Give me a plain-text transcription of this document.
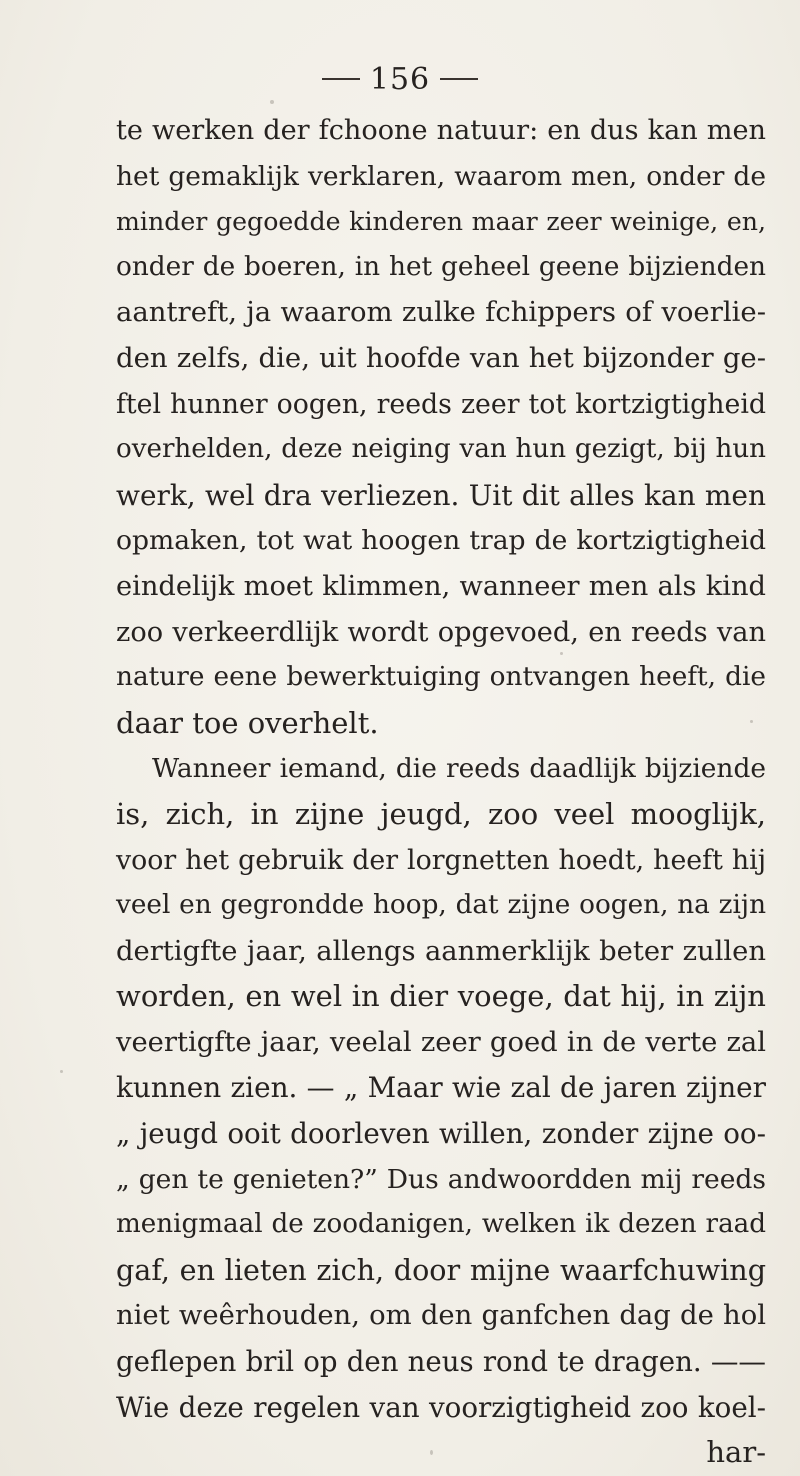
156
te werken der fchoone natuur: en dus kan men
het gemaklijk verklaren, waarom men, onder de
minder gegoedde kinderen maar zeer weinige, en,
onder de boeren, in het geheel geene bijzienden
aantreft, ja waarom zulke fchippers of voerlie-
den zelfs, die, uit hoofde van het bijzonder ge-
ftel hunner oogen, reeds zeer tot kortzigtigheid
overhelden, deze neiging van hun gezigt, bij hun
werk, wel dra verliezen. Uit dit alles kan men
opmaken, tot wat hoogen trap de kortzigtigheid
eindelijk moet klimmen, wanneer men als kind
zoo verkeerdlijk wordt opgevoed, en reeds van
nature eene bewerktuiging ontvangen heeft, die
daar toe overhelt.
Wanneer iemand, die reeds daadlijk bijziende
is, zich, in zijne jeugd, zoo veel mooglijk,
voor het gebruik der lorgnetten hoedt, heeft hij
veel en gegrondde hoop, dat zijne oogen, na zijn
dertigfte jaar, allengs aanmerklijk beter zullen
worden, en wel in dier voege, dat hij, in zijn
veertigfte jaar, veelal zeer goed in de verte zal
kunnen zien. — „ Maar wie zal de jaren zijner
„ jeugd ooit doorleven willen, zonder zijne oo-
„ gen te genieten?” Dus andwoordden mij reeds
menigmaal de zoodanigen, welken ik dezen raad
gaf, en lieten zich, door mijne waarfchuwing
niet weêrhouden, om den ganfchen dag de hol
geflepen bril op den neus rond te dragen. ——
Wie deze regelen van voorzigtigheid zoo koel-
har-
